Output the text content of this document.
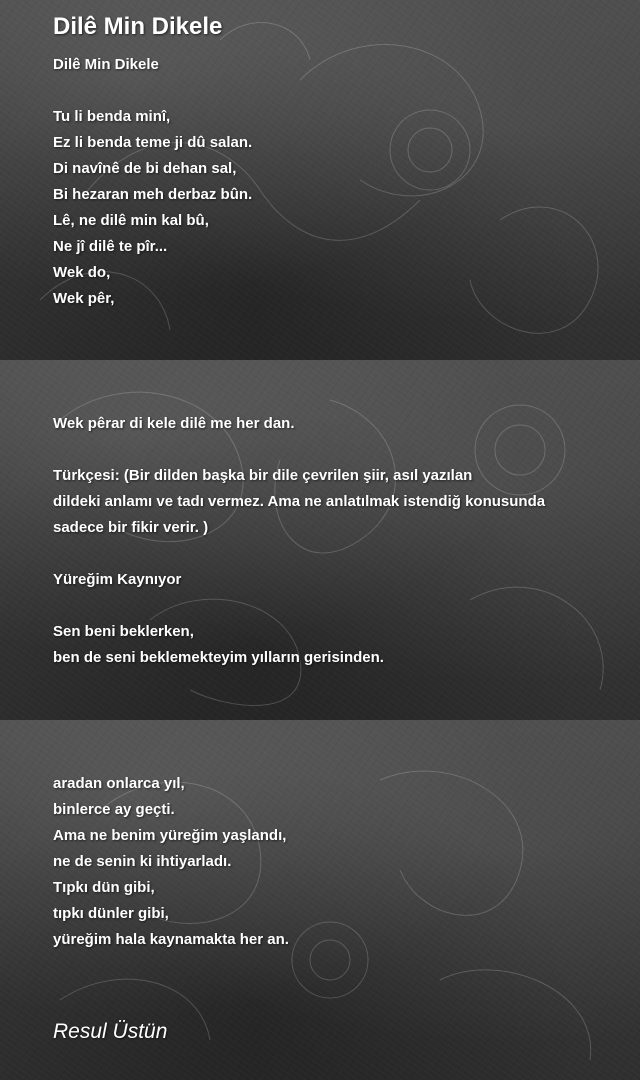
Dilê Min Dikele
Dilê Min Dikele
Tu li benda minî,
Ez li benda teme ji dû salan.
Di navînê de bi dehan sal,
Bi hezaran meh derbaz bûn.
Lê, ne dilê min kal bû,
Ne jî dilê te pîr...
Wek do,
Wek pêr,
Wek pêrar di kele dilê me her dan.
Türkçesi: (Bir dilden başka bir dile çevrilen şiir, asıl yazılan
dildeki anlamı ve tadı vermez. Ama ne anlatılmak istendiğ konusunda
sadece bir fikir verir. )
Yüreğim Kaynıyor
Sen beni beklerken,
ben de seni beklemekteyim yılların gerisinden.
aradan onlarca yıl,
binlerce ay geçti.
Ama ne benim yüreğim yaşlandı,
ne de senin ki ihtiyarladı.
Tıpkı dün gibi,
tıpkı dünler gibi,
yüreğim hala kaynamakta her an.

Resul Üstün
